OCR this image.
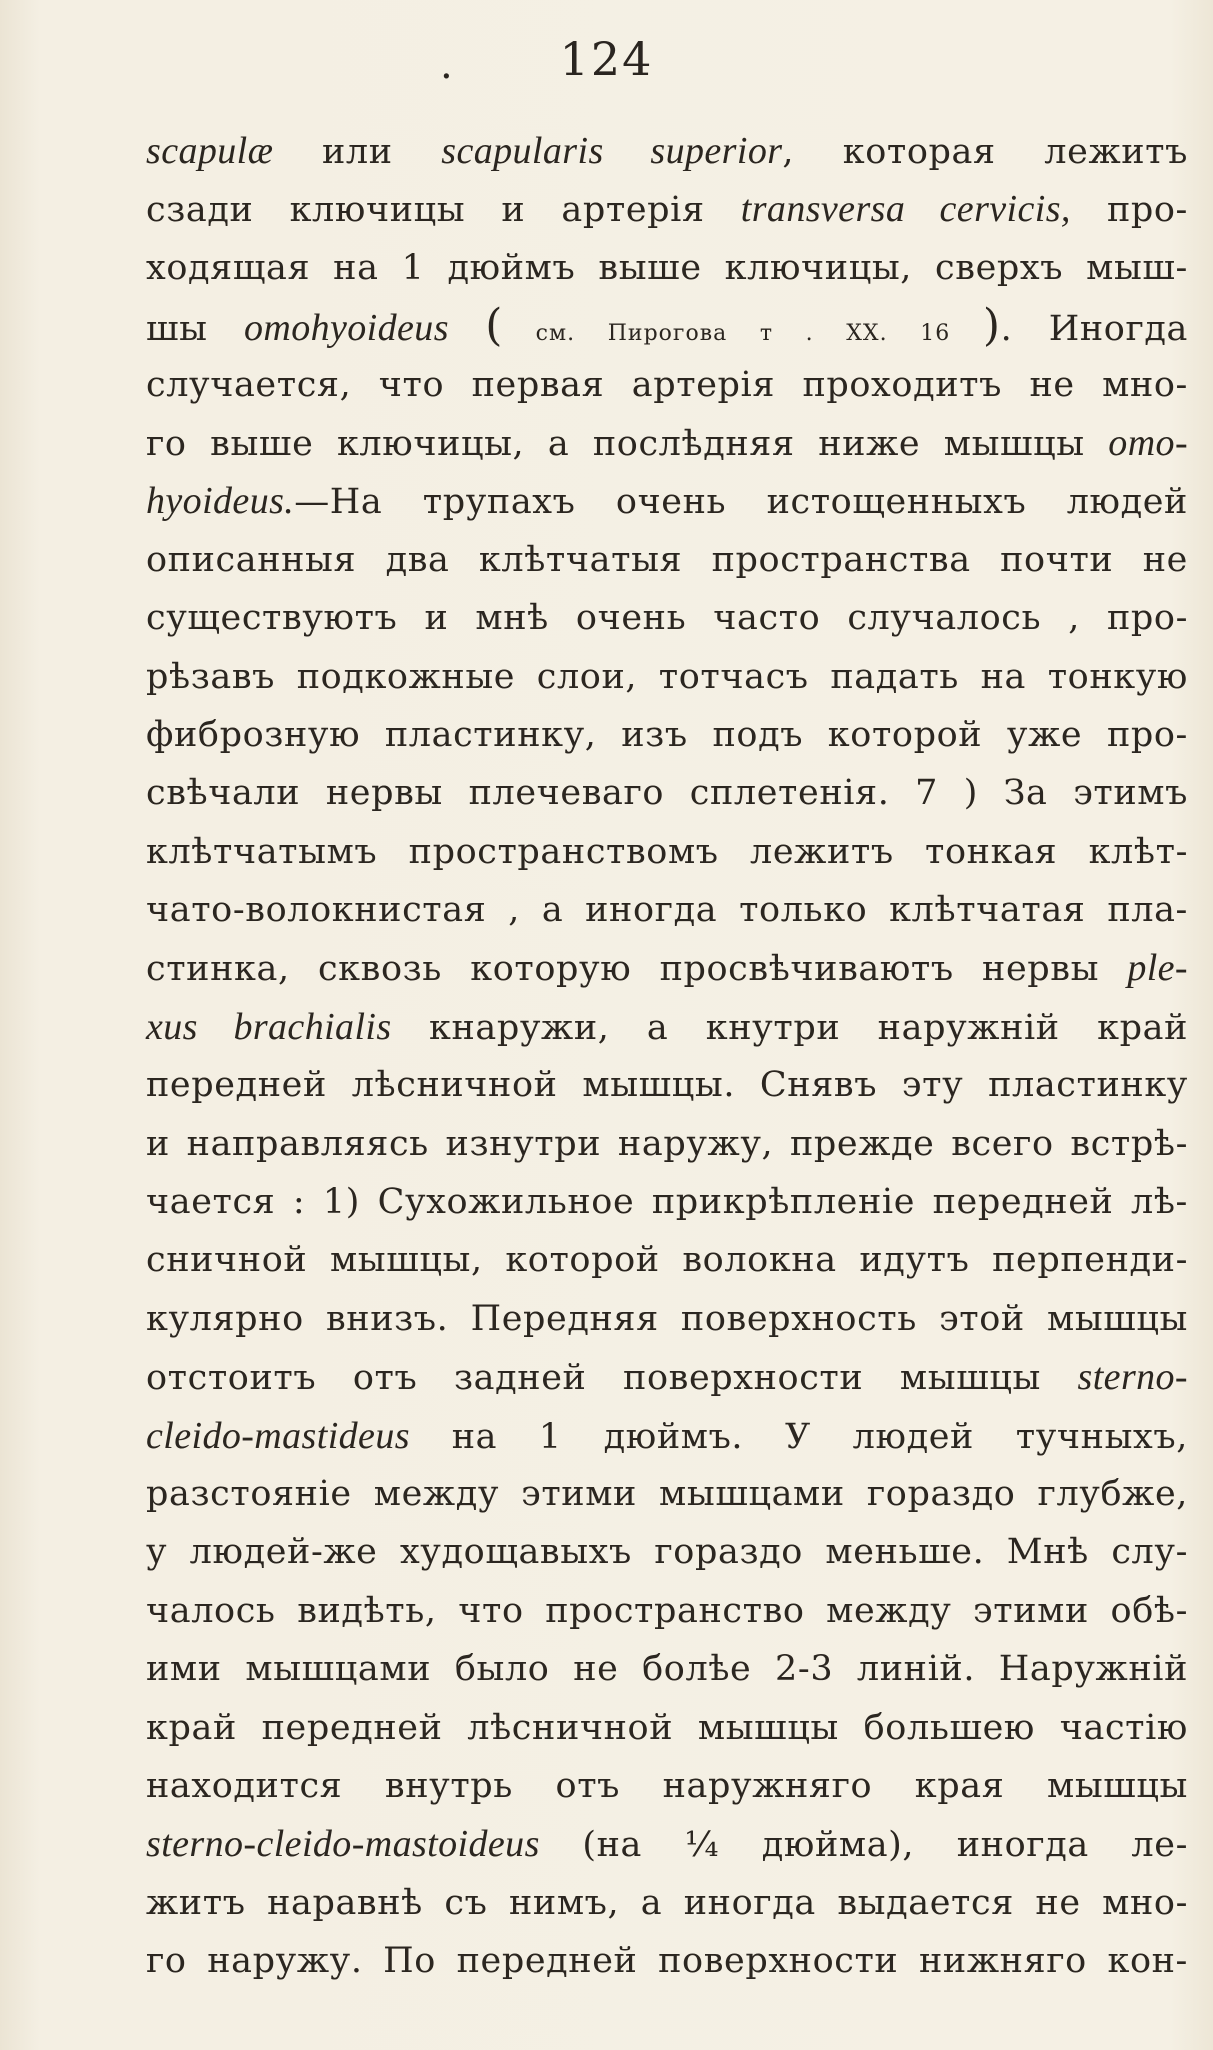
.	124
scapulæ или scapularis superior, которая лежитъ
сзади ключицы и артерія transversa cervicis, про-
ходящая на 1 дюймъ выше ключицы, сверхъ мыш-
шы omohyoideus ( см. Пирогова т . XX. 16 ). Иногда
случается, что первая артерія проходитъ не мно-
го выше ключицы, а послѣдняя ниже мышцы omo-
hyoideus.—На трупахъ очень истощенныхъ людей
описанныя два клѣтчатыя пространства почти не
существуютъ и мнѣ очень часто случалось , про-
рѣзавъ подкожные слои, тотчасъ падать на тонкую
фиброзную пластинку, изъ подъ которой уже про-
свѣчали нервы плечеваго сплетенія. 7 ) За этимъ
клѣтчатымъ пространствомъ лежитъ тонкая клѣт-
чато-волокнистая , а иногда только клѣтчатая пла-
стинка, сквозь которую просвѣчиваютъ нервы ple-
xus brachialis кнаружи, а кнутри наружній край
передней лѣсничной мышцы. Снявъ эту пластинку
и направляясь изнутри наружу, прежде всего встрѣ-
чается : 1) Сухожильное прикрѣпленіе передней лѣ-
сничной мышцы, которой волокна идутъ перпенди-
кулярно внизъ. Передняя поверхность этой мышцы
отстоитъ отъ задней поверхности мышцы sterno-
cleido-mastideus на 1 дюймъ. У людей тучныхъ,
разстояніе между этими мышцами гораздо глубже,
у людей-же худощавыхъ гораздо меньше. Мнѣ слу-
чалось видѣть, что пространство между этими обѣ-
ими мышцами было не болѣе 2-3 линій. Наружній
край передней лѣсничной мышцы большею частію
находится внутрь отъ наружняго края мышцы
sterno-cleido-mastoideus (на ¼ дюйма), иногда ле-
житъ наравнѣ съ нимъ, а иногда выдается не мно-
го наружу. По передней поверхности нижняго кон-
